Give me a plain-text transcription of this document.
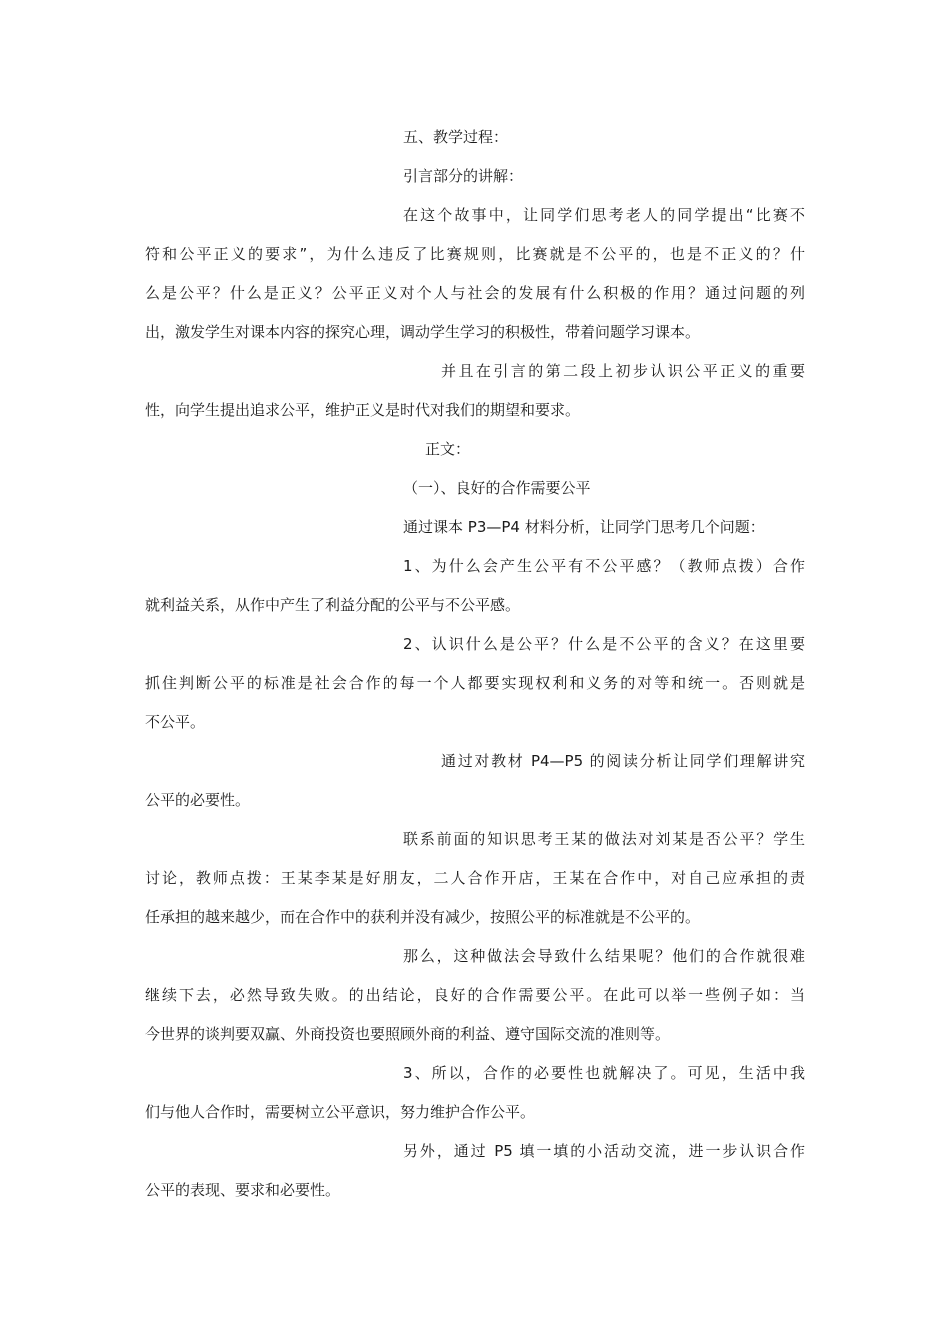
五、教学过程：
引言部分的讲解：
在这个故事中，让同学们思考老人的同学提出“比赛不
符和公平正义的要求”，为什么违反了比赛规则，比赛就是不公平的，也是不正义的？什
么是公平？什么是正义？公平正义对个人与社会的发展有什么积极的作用？通过问题的列
出，激发学生对课本内容的探究心理，调动学生学习的积极性，带着问题学习课本。
并且在引言的第二段上初步认识公平正义的重要
性，向学生提出追求公平，维护正义是时代对我们的期望和要求。
正文：
（一）、良好的合作需要公平
通过课本 P3—P4 材料分析，让同学门思考几个问题：
1、为什么会产生公平有不公平感？（教师点拨）合作
就利益关系，从作中产生了利益分配的公平与不公平感。
2、认识什么是公平？什么是不公平的含义？在这里要
抓住判断公平的标准是社会合作的每一个人都要实现权利和义务的对等和统一。否则就是
不公平。
通过对教材 P4—P5 的阅读分析让同学们理解讲究
公平的必要性。
联系前面的知识思考王某的做法对刘某是否公平？学生
讨论，教师点拨：王某李某是好朋友，二人合作开店，王某在合作中，对自己应承担的责
任承担的越来越少，而在合作中的获利并没有减少，按照公平的标准就是不公平的。
那么，这种做法会导致什么结果呢？他们的合作就很难
继续下去，必然导致失败。的出结论，良好的合作需要公平。在此可以举一些例子如：当
今世界的谈判要双赢、外商投资也要照顾外商的利益、遵守国际交流的准则等。
3、所以，合作的必要性也就解决了。可见，生活中我
们与他人合作时，需要树立公平意识，努力维护合作公平。
另外，通过 P5 填一填的小活动交流，进一步认识合作
公平的表现、要求和必要性。
